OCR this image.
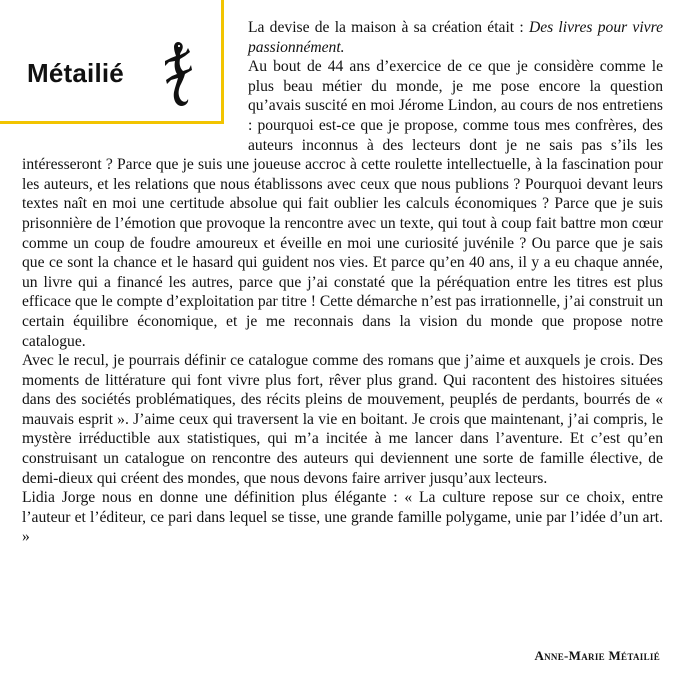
Métailié

La devise de la maison à sa création était : Des livres pour vivre passionnément.

Au bout de 44 ans d’exercice de ce que je considère comme le plus beau métier du monde, je me pose encore la question qu’avais suscité en moi Jérome Lindon, au cours de nos entretiens : pourquoi est-ce que je propose, comme tous mes confrères, des auteurs inconnus à des lecteurs dont je ne sais pas s’ils les intéresseront ? Parce que je suis une joueuse accroc à cette roulette intellectuelle, à la fascination pour les auteurs, et les relations que nous établissons avec ceux que nous publions ? Pourquoi devant leurs textes naît en moi une certitude absolue qui fait oublier les calculs économiques ? Parce que je suis prisonnière de l’émotion que provoque la rencontre avec un texte, qui tout à coup fait battre mon cœur comme un coup de foudre amoureux et éveille en moi une curiosité juvénile ? Ou parce que je sais que ce sont la chance et le hasard qui guident nos vies. Et parce qu’en 40 ans, il y a eu chaque année, un livre qui a financé les autres, parce que j’ai constaté que la péréquation entre les titres est plus efficace que le compte d’exploitation par titre ! Cette démarche n’est pas irrationnelle, j’ai construit un certain équilibre économique, et je me reconnais dans la vision du monde que propose notre catalogue.

Avec le recul, je pourrais définir ce catalogue comme des romans que j’aime et auxquels je crois. Des moments de littérature qui font vivre plus fort, rêver plus grand. Qui racontent des histoires situées dans des sociétés problématiques, des récits pleins de mouvement, peuplés de perdants, bourrés de « mauvais esprit ». J’aime ceux qui traversent la vie en boitant. Je crois que maintenant, j’ai compris, le mystère irréductible aux statistiques, qui m’a incitée à me lancer dans l’aventure. Et c’est qu’en construisant un catalogue on rencontre des auteurs qui deviennent une sorte de famille élective, de demi-dieux qui créent des mondes, que nous devons faire arriver jusqu’aux lecteurs.

Lidia Jorge nous en donne une définition plus élégante : « La culture repose sur ce choix, entre l’auteur et l’éditeur, ce pari dans lequel se tisse, une grande famille polygame, unie par l’idée d’un art. »

Anne-Marie Métailié
